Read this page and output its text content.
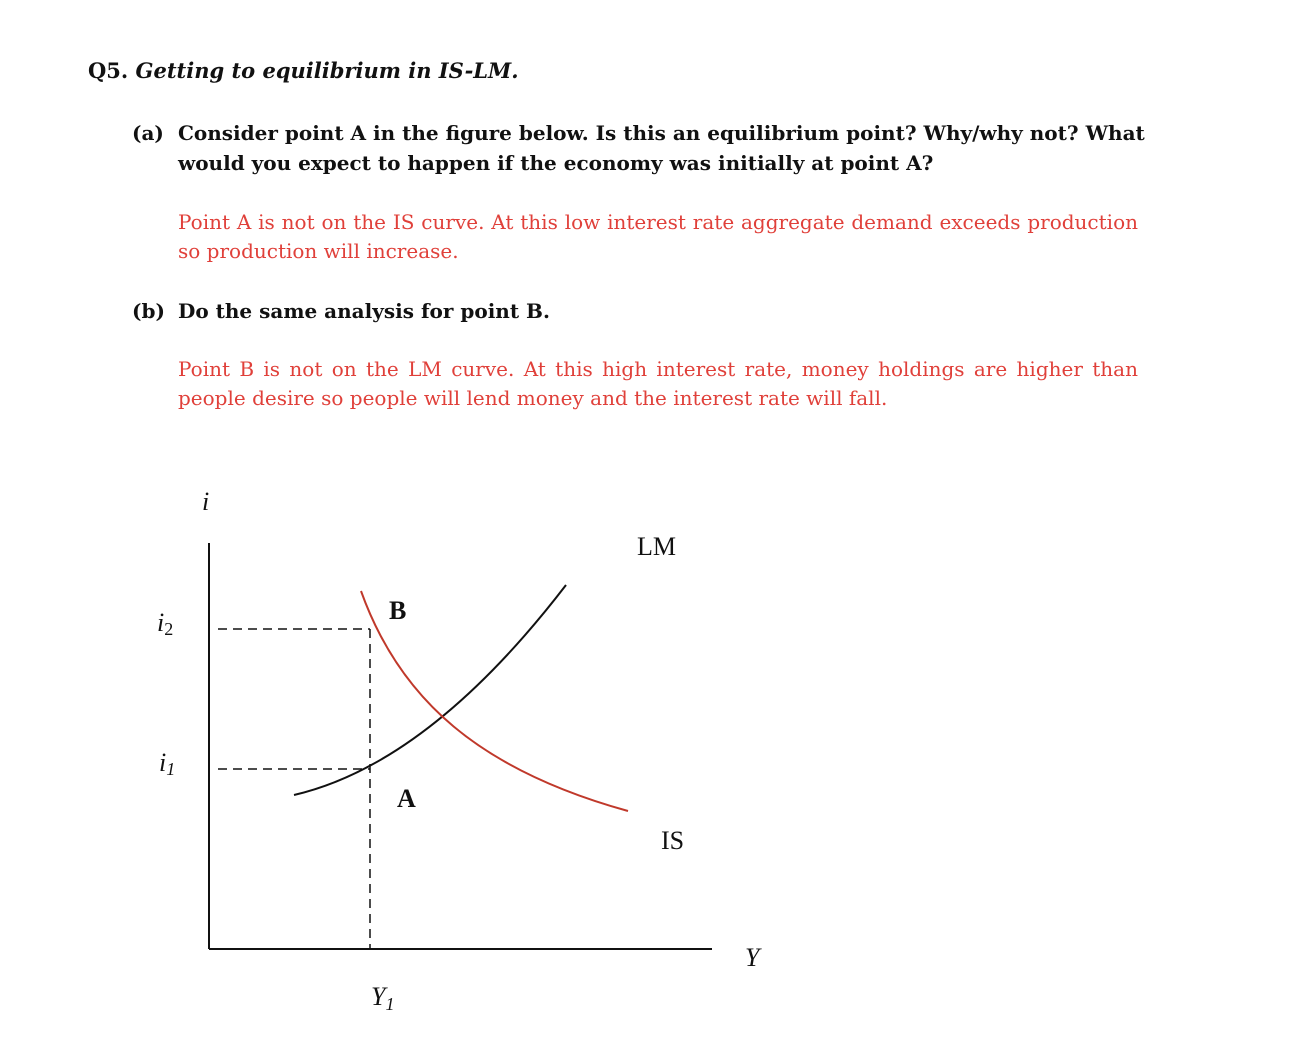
Q5. Getting to equilibrium in IS-LM.
(a) Consider point A in the figure below. Is this an equilibrium point? Why/why not? What would you expect to happen if the economy was initially at point A?
Point A is not on the IS curve. At this low interest rate aggregate demand exceeds production so production will increase.
(b) Do the same analysis for point B.
Point B is not on the LM curve. At this high interest rate, money holdings are higher than people desire so people will lend money and the interest rate will fall.
i
Y
LM
IS
B
A
i2
i1
Y1
